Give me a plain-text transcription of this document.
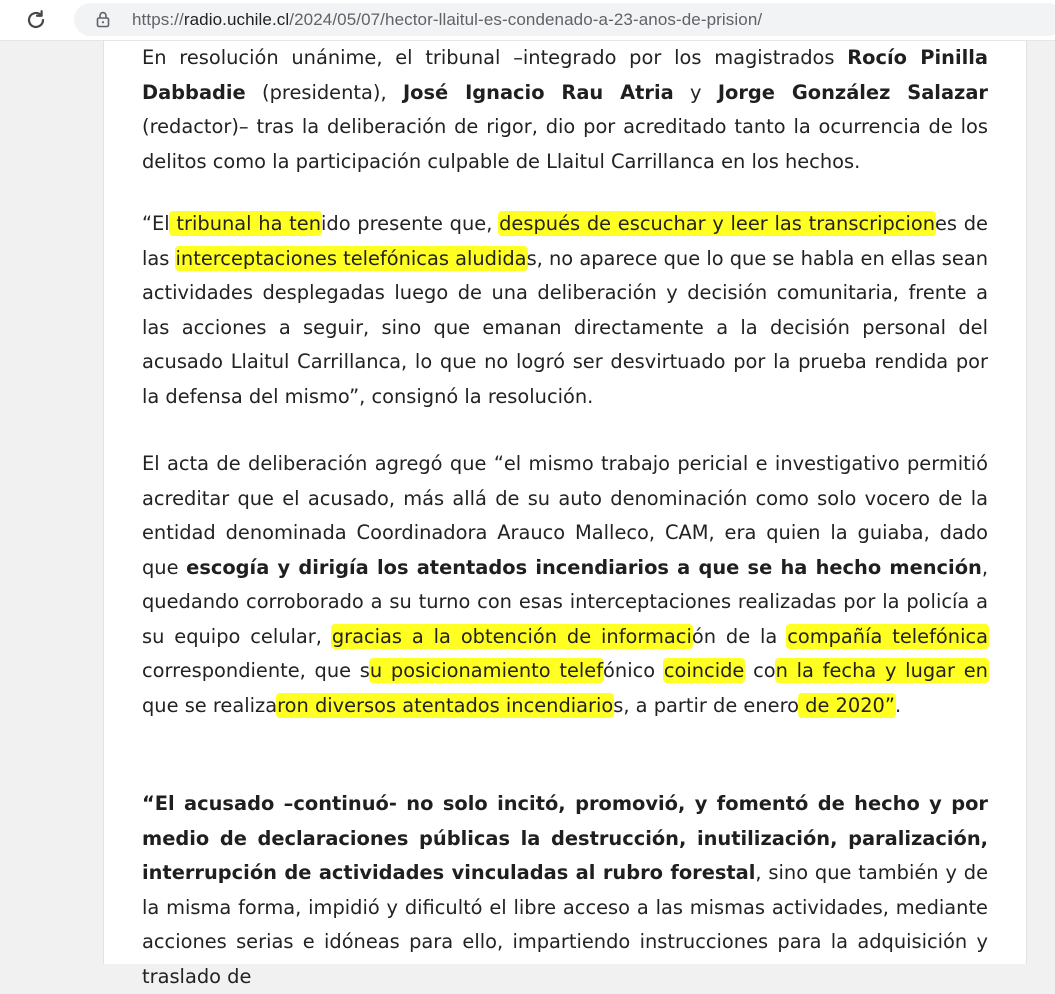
https://radio.uchile.cl/2024/05/07/hector-llaitul-es-condenado-a-23-anos-de-prision/

En resolución unánime, el tribunal –integrado por los magistrados Rocío Pinilla Dabbadie (presidenta), José Ignacio Rau Atria y Jorge González Salazar (redactor)– tras la deliberación de rigor, dio por acreditado tanto la ocurrencia de los delitos como la participación culpable de Llaitul Carrillanca en los hechos.

“El tribunal ha tenido presente que, después de escuchar y leer las transcripciones de las interceptaciones telefónicas aludidas, no aparece que lo que se habla en ellas sean actividades desplegadas luego de una deliberación y decisión comunitaria, frente a las acciones a seguir, sino que emanan directamente a la decisión personal del acusado Llaitul Carrillanca, lo que no logró ser desvirtuado por la prueba rendida por la defensa del mismo”, consignó la resolución.

El acta de deliberación agregó que “el mismo trabajo pericial e investigativo permitió acreditar que el acusado, más allá de su auto denominación como solo vocero de la entidad denominada Coordinadora Arauco Malleco, CAM, era quien la guiaba, dado que escogía y dirigía los atentados incendiarios a que se ha hecho mención, quedando corroborado a su turno con esas interceptaciones realizadas por la policía a su equipo celular, gracias a la obtención de información de la compañía telefónica correspondiente, que su posicionamiento telefónico coincide con la fecha y lugar en que se realizaron diversos atentados incendiarios, a partir de enero de 2020”.

“El acusado –continuó- no solo incitó, promovió, y fomentó de hecho y por medio de declaraciones públicas la destrucción, inutilización, paralización, interrupción de actividades vinculadas al rubro forestal, sino que también y de la misma forma, impidió y dificultó el libre acceso a las mismas actividades, mediante acciones serias e idóneas para ello, impartiendo instrucciones para la adquisición y traslado de
